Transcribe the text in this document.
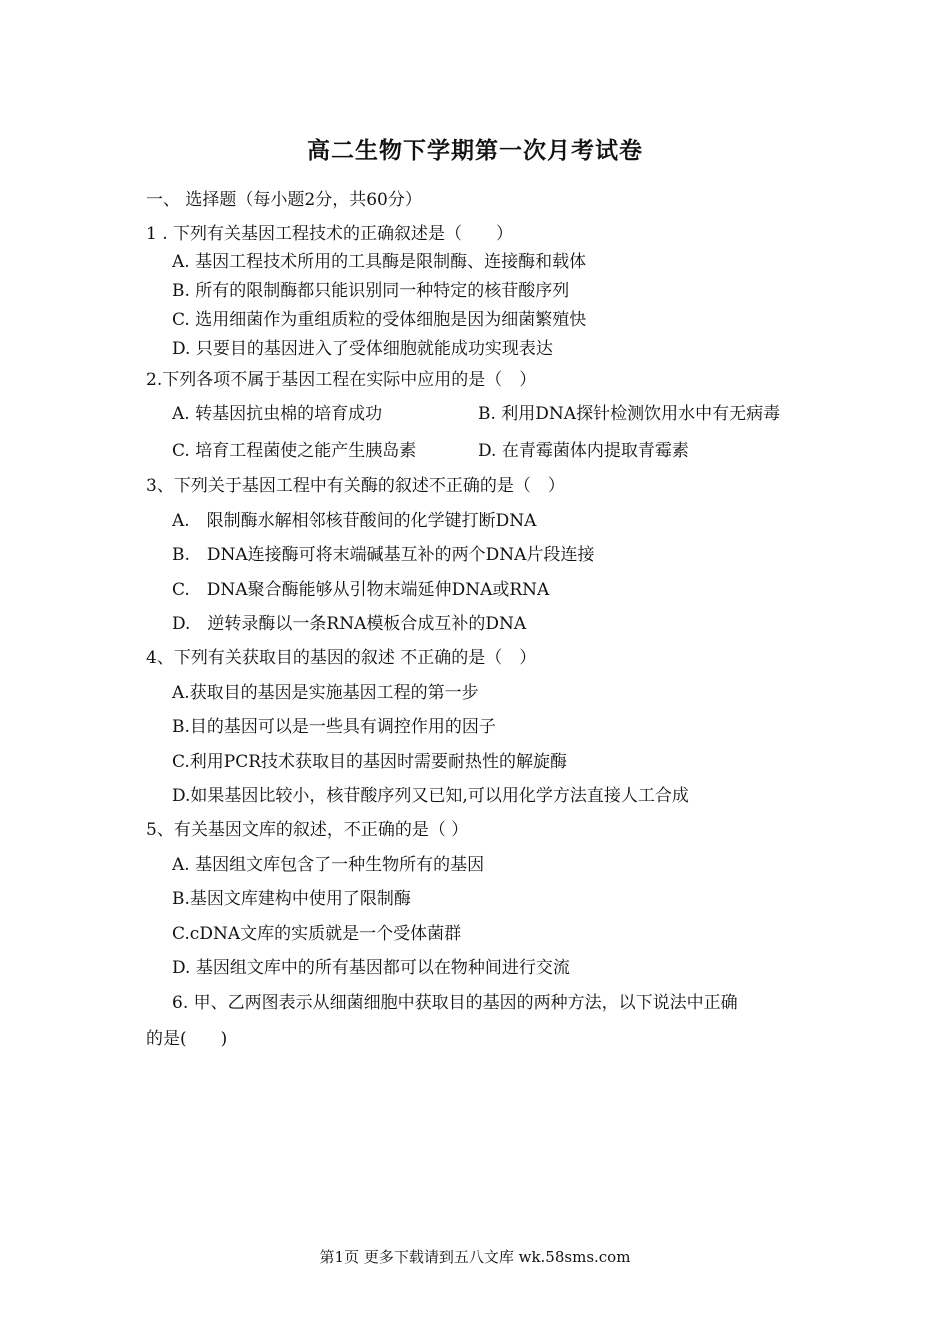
高二生物下学期第一次月考试卷
一、 选择题（每小题2分，共60分）
1 . 下列有关基因工程技术的正确叙述是（　　）
A. 基因工程技术所用的工具酶是限制酶、连接酶和载体
B. 所有的限制酶都只能识别同一种特定的核苷酸序列
C. 选用细菌作为重组质粒的受体细胞是因为细菌繁殖快
D. 只要目的基因进入了受体细胞就能成功实现表达
2.下列各项不属于基因工程在实际中应用的是（　）
A. 转基因抗虫棉的培育成功	B. 利用DNA探针检测饮用水中有无病毒
C. 培育工程菌使之能产生胰岛素	D. 在青霉菌体内提取青霉素
3、下列关于基因工程中有关酶的叙述不正确的是（　）
A.　限制酶水解相邻核苷酸间的化学键打断DNA
B.　DNA连接酶可将末端碱基互补的两个DNA片段连接
C.　DNA聚合酶能够从引物末端延伸DNA或RNA
D.　逆转录酶以一条RNA模板合成互补的DNA
4、下列有关获取目的基因的叙述 不正确的是（　）
A.获取目的基因是实施基因工程的第一步
B.目的基因可以是一些具有调控作用的因子
C.利用PCR技术获取目的基因时需要耐热性的解旋酶
D.如果基因比较小，核苷酸序列又已知,可以用化学方法直接人工合成
5、有关基因文库的叙述，不正确的是（ ）
A. 基因组文库包含了一种生物所有的基因
B.基因文库建构中使用了限制酶
C.cDNA文库的实质就是一个受体菌群
D. 基因组文库中的所有基因都可以在物种间进行交流
6. 甲、乙两图表示从细菌细胞中获取目的基因的两种方法，以下说法中正确
的是(　　)
第1页 更多下载请到五八文库 wk.58sms.com
